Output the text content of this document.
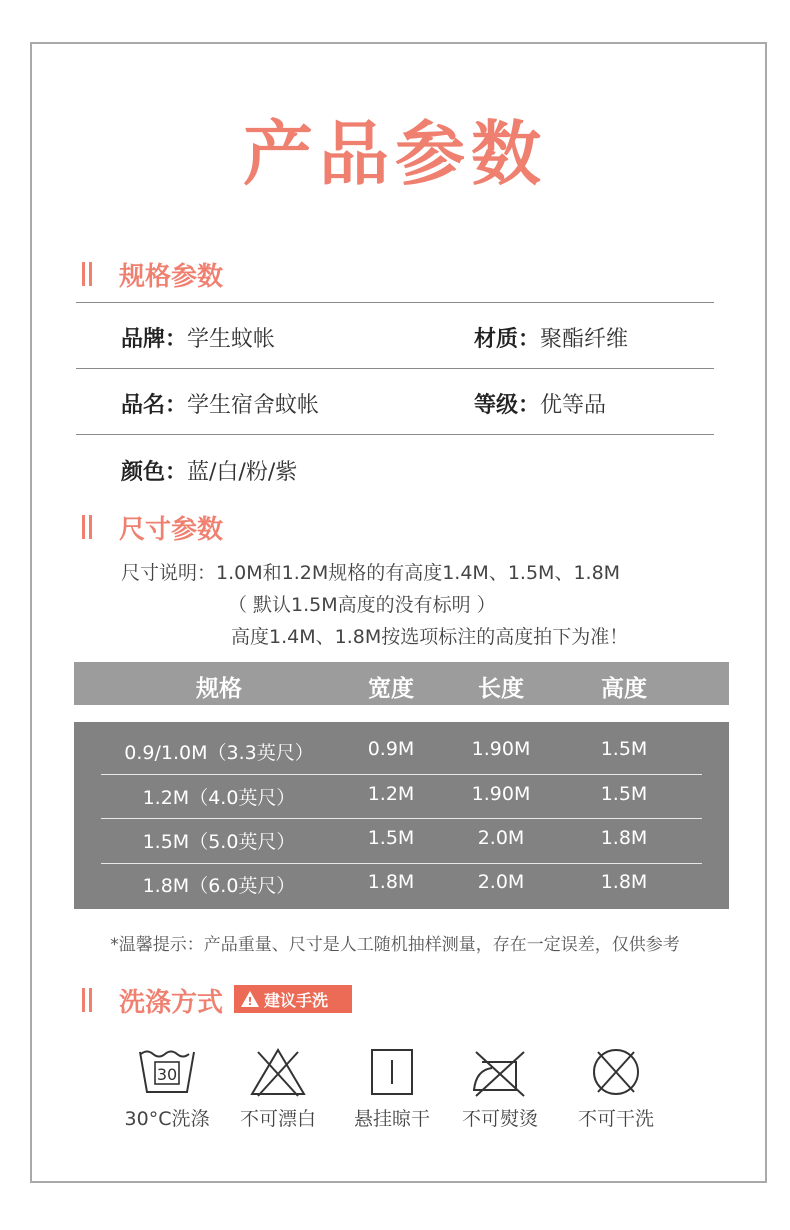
产品参数
规格参数
品牌：学生蚊帐	材质：聚酯纤维
品名：学生宿舍蚊帐	等级：优等品
颜色：蓝/白/粉/紫
尺寸参数
尺寸说明：1.0M和1.2M规格的有高度1.4M、1.5M、1.8M
（ 默认1.5M高度的没有标明 ）
高度1.4M、1.8M按选项标注的高度拍下为准！
规格	宽度	长度	高度
0.9/1.0M（3.3英尺）	0.9M	1.90M	1.5M
1.2M（4.0英尺）	1.2M	1.90M	1.5M
1.5M（5.0英尺）	1.5M	2.0M	1.8M
1.8M（6.0英尺）	1.8M	2.0M	1.8M
*温馨提示：产品重量、尺寸是人工随机抽样测量，存在一定误差，仅供参考
洗涤方式 ! 建议手洗
30
30°C洗涤	不可漂白	悬挂晾干	不可熨烫	不可干洗
